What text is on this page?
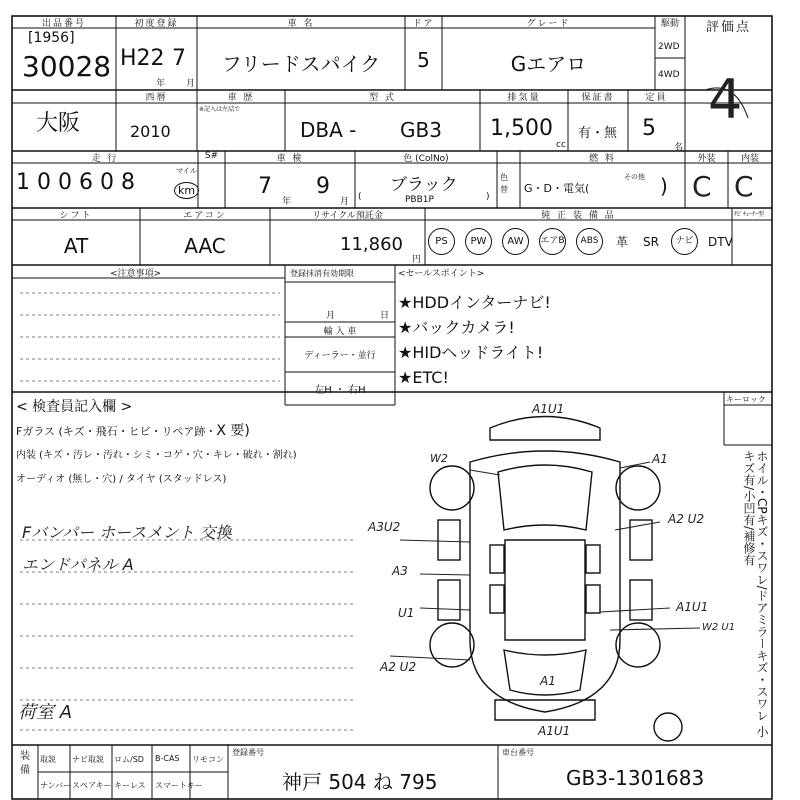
出品番号
[1956]
30028
初度登録
H22 7
年 月
車 名
フリードスパイク
ドア
5
グレード
Gエアロ
駆動
2WD
4WD
評価点
4
大阪
西暦
2010
車 歴
※記入は左詰で
型 式
DBA - GB3
排気量
1,500
cc
保証書
有・無
定員
5
名
走 行	S#
1 0 0 6 0 8	マイル
km
車 検
7
年
9
月
色 (ColNo)
ブラック
(	PBB1P	)
色替
燃 料
G・D・電気(
その他 )
外装
C
内装
C
シフト
AT
エアコン
AAC
リサイクル預託金
11,860
円
純 正 装 備 品	ﾅﾋﾞﾁｭｰﾅｰ型
PS	PW	AW	エアB	ABS	革 SR	ナビ	DTV
<注意事項>	登録抹消有効期限
月	日
輸 入 車
ディーラー・並行
左H ・ 右H
<セールスポイント>
★HDDインターナビ!
★バックカメラ!
★HIDヘッドライト!
★ETC!
< 検査員記入欄 >
Fガラス (キズ・飛石・ヒビ・リペア跡・X 要)
内装 (キズ・汚レ・汚れ・シミ・コゲ・穴・キレ・破れ・割れ)
オーディオ (無し・穴) / タイヤ (スタッドレス)
Fバンパー ホースメント 交換
エンドパネル A
荷室 A
キーロック
ホイル・CPキズ・スワレ/ドアミラーキズ・スワレ 小キズ有/小凹有/補修有
A1U1
W2	A1
A3U2
A2 U2
A3
U1	A1U1
W2 U1
A2 U2
A1
A1U1
装備
取説 ナビ取説 ロム/SD B-CAS リモコン
ナンバー スペアキー キーレス スマートキー
登録番号
神戸 504 ね 795
車台番号
GB3-1301683
